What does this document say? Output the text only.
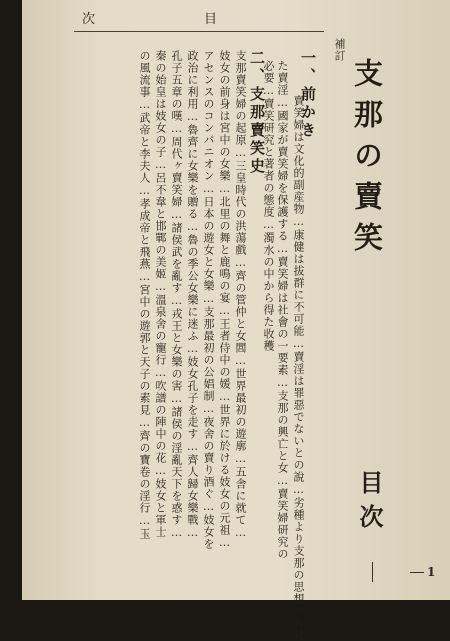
次	目
補訂
支那の賣笑
目次
一、前かき
賣笑婦は文化的副産物…康健は拔群に不可能…賣淫は罪惡でないとの說…劣種より支那の思想から見
た賣淫…國家が賣笑婦を保護する…賣笑婦は社會の一要素…支那の興亡と女…賣笑婦研究の
必要…賣笑研究と著者の態度…濁水の中から得た收穫
二、支那賣笑史
支那賣笑婦の起原…三皇時代の洪蕩戲…齊の管仲と女閭…世界最初の遊廓…五舎に就て…
妓女の前身は宮中の女樂…北里の舞と鹿鳴の宴…王者侍中の媛…世界に於ける妓女の元祖…
アセンスのコンパニオン…日本の遊女と女樂…支那最初の公娼制…夜舍の賣り酒ぐ…妓女を
政治に利用…魯齊に女樂を贈る…魯の季公女樂に迷ふ…妓女孔子を走す…齊人歸女樂戰…
孔子五章の嘆…周代ヶ賣笑婦…諸侯武を亂す…戎王と女樂の害…諸侯の淫亂天下を惑す…
秦の始皇は妓女の子…呂不韋と邯鄲の美姬…溫泉舍の寵行…吹譜の陣中の花…妓女と軍士
の風流事…武帝と李夫人…孝成帝と飛燕…宮中の遊郭と天子の素見…齊の寶卷の淫行…玉
1
